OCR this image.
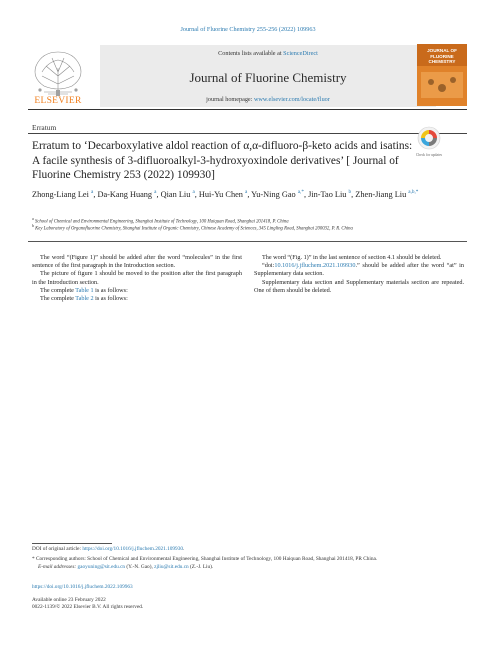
Journal of Fluorine Chemistry 255-256 (2022) 109963
ELSEVIER
Contents lists available at ScienceDirect
Journal of Fluorine Chemistry
journal homepage: www.elsevier.com/locate/fluor
JOURNAL OF FLUORINE CHEMISTRY
Erratum
Erratum to ‘Decarboxylative aldol reaction of α,α-difluoro-β-keto acids and isatins: A facile synthesis of 3-difluoroalkyl-3-hydroxyoxindole derivatives’ [ Journal of Fluorine Chemistry 253 (2022) 109930]
Check for updates
Zhong-Liang Lei $^a$, Da-Kang Huang $^a$, Qian Liu $^a$, Hui-Yu Chen $^a$, Yu-Ning Gao $^{a,*}$, Jin-Tao Liu $^b$, Zhen-Jiang Liu $^{a,b,*}$
$^a$ School of Chemical and Environmental Engineering, Shanghai Institute of Technology, 100 Haiquan Road, Shanghai 201418, P. China
$^b$ Key Laboratory of Organofluorine Chemistry, Shanghai Institute of Organic Chemistry, Chinese Academy of Sciences, 345 Lingling Road, Shanghai 200032, P. R. China

The word “(Figure 1)” should be added after the word “molecules” in the first sentence of the first paragraph in the Introduction section.

The picture of figure 1 should be moved to the position after the first paragraph in the Introduction section.

The complete Table 1 is as follows:

The complete Table 2 is as follows:

The word “(Fig. 1)” in the last sentence of section 4.1 should be deleted.

“doi:10.1016/j.jfluchem.2021.109930.” should be added after the word “at” in Supplementary data section.

Supplementary data section and Supplementary materials section are repeated. One of them should be deleted.

DOI of original article: https://doi.org/10.1016/j.jfluchem.2021.109930.
* Corresponding authors: School of Chemical and Environmental Engineering, Shanghai Institute of Technology, 100 Haiquan Road, Shanghai 201418, PR China.
E-mail addresses: gaoyuning@sit.edu.cn (Y.-N. Gao), zjliu@sit.edu.cn (Z.-J. Liu).
https://doi.org/10.1016/j.jfluchem.2022.109963
Available online 23 February 2022
0022-1139/© 2022 Elsevier B.V. All rights reserved.
